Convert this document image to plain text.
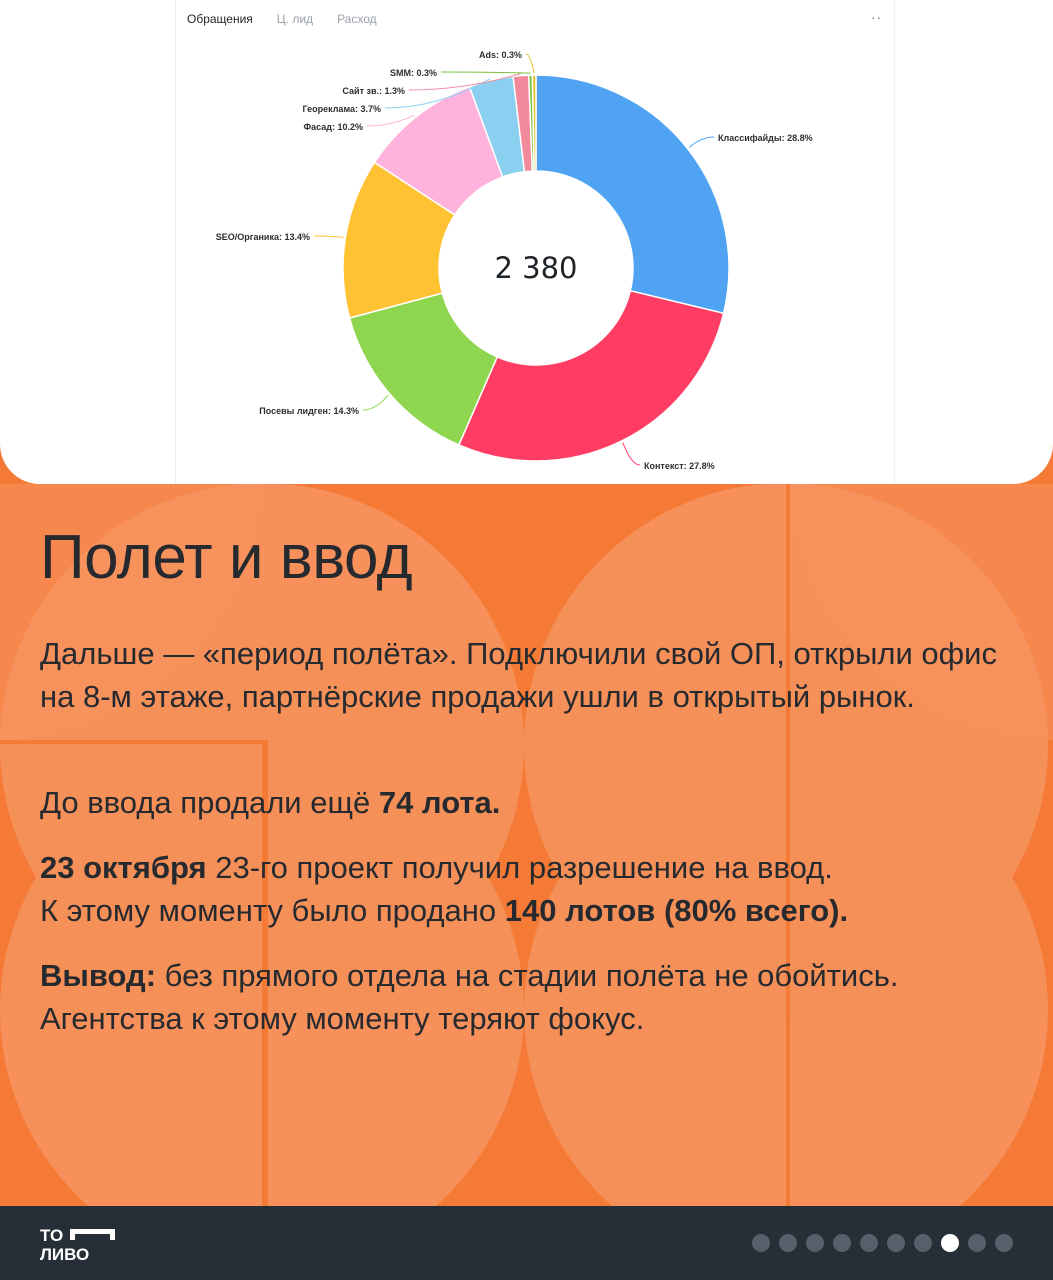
Обращения Ц. лид Расход	··
Классифайды: 28.8%
Контекст: 27.8%
Посевы лидген: 14.3%
SEO/Органика: 13.4%
Фасад: 10.2%
Геореклама: 3.7%
Сайт зв.: 1.3%
SMM: 0.3%
Ads: 0.3%
2 380
Полет и ввод

Дальше — «период полёта». Подключили свой ОП, открыли офис на 8-м этаже, партнёрские продажи ушли в открытый рынок.

До ввода продали ещё 74 лота.

23 октября 23-го проект получил разрешение на ввод.
К этому моменту было продано 140 лотов (80% всего).

Вывод: без прямого отдела на стадии полёта не обойтись.
Агентства к этому моменту теряют фокус.

ТО
ЛИВО
